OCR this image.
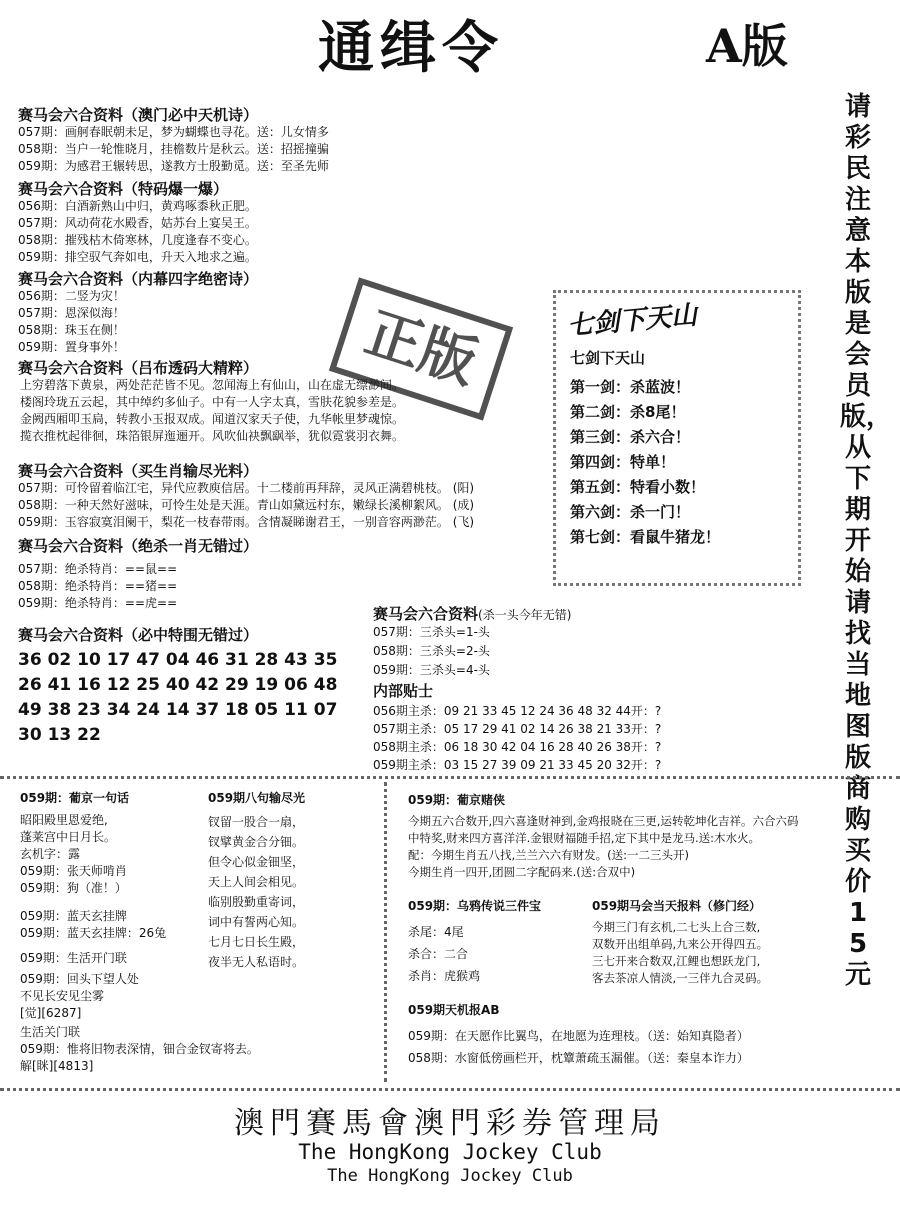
通缉令	A版
请彩民注意本版是会员版，从下期开始请找当地图版商购买价15元
赛马会六合资料（澳门必中天机诗）
057期：画舸春眠朝未足，梦为蝴蝶也寻花。送：儿女情多
058期：当户一轮惟晓月，挂檐数片是秋云。送：招摇撞骗
059期：为感君王辗转思，遂教方士殷勤觅。送：至圣先师
赛马会六合资料（特码爆一爆）
056期：白酒新熟山中归，黄鸡啄黍秋正肥。
057期：风动荷花水殿香，姑苏台上宴吴王。
058期：摧残枯木倚寒林，几度逢春不变心。
059期：排空驭气奔如电，升天入地求之遍。
赛马会六合资料（内幕四字绝密诗）
056期：二竖为灾！
057期：恩深似海！
058期：珠玉在侧！
059期：置身事外！	正版
赛马会六合资料（吕布透码大精粹）
上穷碧落下黄泉，两处茫茫皆不见。忽闻海上有仙山，山在虚无缥渺间。
楼阁玲珑五云起，其中绰约多仙子。中有一人字太真，雪肤花貌参差是。
金阙西厢叩玉扃，转教小玉报双成。闻道汉家天子使，九华帐里梦魂惊。
揽衣推枕起徘徊，珠箔银屏迤逦开。风吹仙袂飘飖举，犹似霓裳羽衣舞。
赛马会六合资料（买生肖输尽光料）
057期：可怜留着临江宅，异代应教庾信居。十二楼前再拜辞，灵风正满碧桃枝。 (阳)
058期：一种天然好滋味，可怜生处是天涯。青山如黛远村东，嫩绿长溪柳絮风。 (成)
059期：玉容寂寞泪阑干，梨花一枝春带雨。含情凝睇谢君王，一别音容两渺茫。 (飞)
赛马会六合资料（绝杀一肖无错过）
057期：绝杀特肖：==鼠==
058期：绝杀特肖：==猪==
059期：绝杀特肖：==虎==
赛马会六合资料（必中特围无错过）
36 02 10 17 47 04 46 31 28 43 35
26 41 16 12 25 40 42 29 19 06 48
49 38 23 34 24 14 37 18 05 11 07
30 13 22
七剑下天山
七剑下天山
第一剑：杀蓝波！
第二剑：杀8尾！
第三剑：杀六合！
第四剑：特单！
第五剑：特看小数！
第六剑：杀一门！
第七剑：看鼠牛猪龙！
赛马会六合资料(杀一头今年无错)
057期：三杀头=1-头
058期：三杀头=2-头
059期：三杀头=4-头
内部贴士
056期主杀：09 21 33 45 12 24 36 48 32 44开：?
057期主杀：05 17 29 41 02 14 26 38 21 33开：?
058期主杀：06 18 30 42 04 16 28 40 26 38开：?
059期主杀：03 15 27 39 09 21 33 45 20 32开：?
059期：葡京一句话
昭阳殿里恩爱绝,
蓬莱宫中日月长。
玄机字：露
059期：张天师啃肖
059期：狗（准！）
059期：蓝天玄挂牌
059期：蓝天玄挂牌：26兔
059期：生活开门联
059期：回头下望人处
不见长安见尘雾
[觉][6287]
生活关门联
059期：惟将旧物表深情，钿合金钗寄将去。
解[眯][4813]
059期八句输尽光
钗留一股合一扇，
钗擘黄金合分钿。
但令心似金钿坚，
天上人间会相见。
临别殷勤重寄词，
词中有誓两心知。
七月七日长生殿，
夜半无人私语时。
059期：葡京赌侠
今期五六合数开,四六喜逢财神到,金鸡报晓在三更,运转乾坤化吉祥。六合六码
中特奖,财来四方喜洋洋.金银财福随手招,定下其中是龙马.送:木水火。
配：今期生肖五八找,兰兰六六有财发。(送:一二三头开)
今期生肖一四开,团圆二字配码来.(送:合双中)
059期：乌鸦传说三件宝
杀尾：4尾
杀合：二合
杀肖：虎猴鸡
059期马会当天报料（修门经）
今期三门有玄机,二七头上合三数,
双数开出组单码,九来公开得四五。
三七开来合数双,江鲤也想跃龙门,
客去茶凉人情淡,一三伴九合灵码。
059期天机报AB
059期：在天愿作比翼鸟，在地愿为连理枝。（送：始知真隐者）
058期：水窗低傍画栏开，枕簟萧疏玉漏催。（送：秦皇本诈力）
澳門賽馬會澳門彩券管理局
The HongKong Jockey Club
The HongKong Jockey Club
